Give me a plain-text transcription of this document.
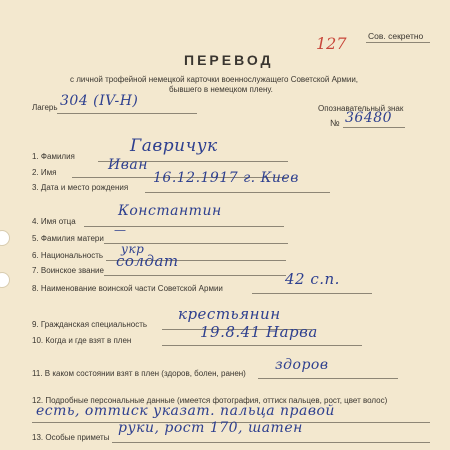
Сов. секретно
127
ПЕРЕВОД
с личной трофейной немецкой карточки военнослужащего Советской Армии,
бывшего в немецком плену.
Лагерь 304 (IV-H)	Опознавательный знак
№ 36480
1. Фамилия
Гавричук
2. Имя	Иван
3. Дата и место рождения
16.12.1917 г. Киев
4. Имя отца
Константин
5. Фамилия матери
—
6. Национальность укр
7. Воинское звание
солдат
8. Наименование воинской части Советской Армии
42 с.п.
9. Гражданская специальность
крестьянин
10. Когда и где взят в плен	19.8.41 Нарва
11. В каком состоянии взят в плен (здоров, болен, ранен)
здоров
12. Подробные персональные данные (имеется фотография, оттиск пальцев, рост, цвет волос)
есть, оттиск указат. пальца правой
13. Особые приметы
руки, рост 170, шатен
